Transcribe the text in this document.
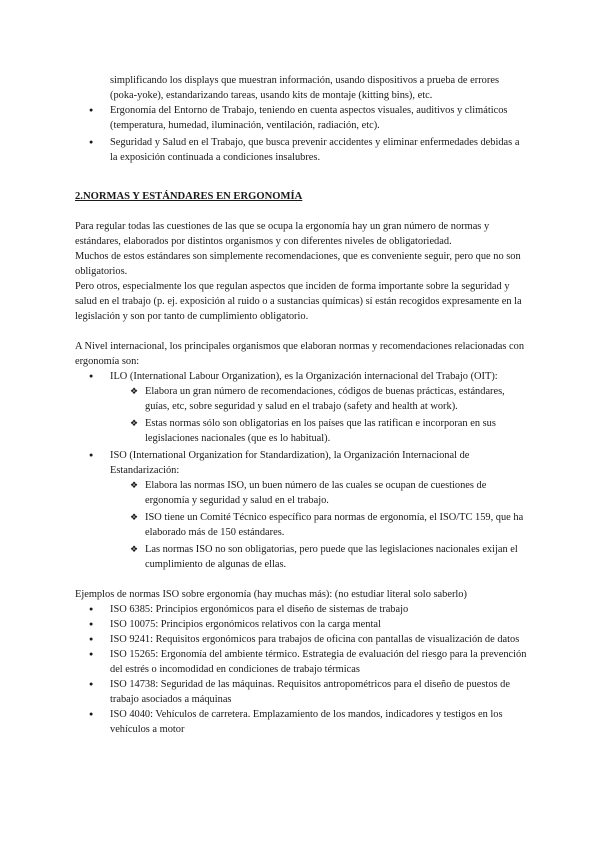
simplificando los displays que muestran información, usando dispositivos a prueba de errores (poka-yoke), estandarizando tareas, usando kits de montaje (kitting bins), etc.

● Ergonomía del Entorno de Trabajo, teniendo en cuenta aspectos visuales, auditivos y climáticos (temperatura, humedad, iluminación, ventilación, radiación, etc).
● Seguridad y Salud en el Trabajo, que busca prevenir accidentes y eliminar enfermedades debidas a la exposición continuada a condiciones insalubres.

2.NORMAS Y ESTÁNDARES EN ERGONOMÍA

Para regular todas las cuestiones de las que se ocupa la ergonomía hay un gran número de normas y estándares, elaborados por distintos organismos y con diferentes niveles de obligatoriedad.

Muchos de estos estándares son simplemente recomendaciones, que es conveniente seguir, pero que no son obligatorios.

Pero otros, especialmente los que regulan aspectos que inciden de forma importante sobre la seguridad y salud en el trabajo (p. ej. exposición al ruido o a sustancias químicas) sí están recogidos expresamente en la legislación y son por tanto de cumplimiento obligatorio.

A Nivel internacional, los principales organismos que elaboran normas y recomendaciones relacionadas con ergonomía son:

● ILO (International Labour Organization), es la Organización internacional del Trabajo (OIT):
❖ Elabora un gran número de recomendaciones, códigos de buenas prácticas, estándares, guías, etc, sobre seguridad y salud en el trabajo (safety and health at work).
❖ Estas normas sólo son obligatorias en los países que las ratifican e incorporan en sus legislaciones nacionales (que es lo habitual).
● ISO (International Organization for Standardization), la Organización Internacional de Estandarización:
❖ Elabora las normas ISO, un buen número de las cuales se ocupan de cuestiones de ergonomía y seguridad y salud en el trabajo.
❖ ISO tiene un Comité Técnico específico para normas de ergonomía, el ISO/TC 159, que ha elaborado más de 150 estándares.
❖ Las normas ISO no son obligatorias, pero puede que las legislaciones nacionales exijan el cumplimiento de algunas de ellas.

Ejemplos de normas ISO sobre ergonomía (hay muchas más): (no estudiar literal solo saberlo)

● ISO 6385: Principios ergonómicos para el diseño de sistemas de trabajo
● ISO 10075: Principios ergonómicos relativos con la carga mental
● ISO 9241: Requisitos ergonómicos para trabajos de oficina con pantallas de visualización de datos
● ISO 15265: Ergonomía del ambiente térmico. Estrategia de evaluación del riesgo para la prevención del estrés o incomodidad en condiciones de trabajo térmicas
● ISO 14738: Seguridad de las máquinas. Requisitos antropométricos para el diseño de puestos de trabajo asociados a máquinas
● ISO 4040: Vehículos de carretera. Emplazamiento de los mandos, indicadores y testigos en los vehículos a motor
